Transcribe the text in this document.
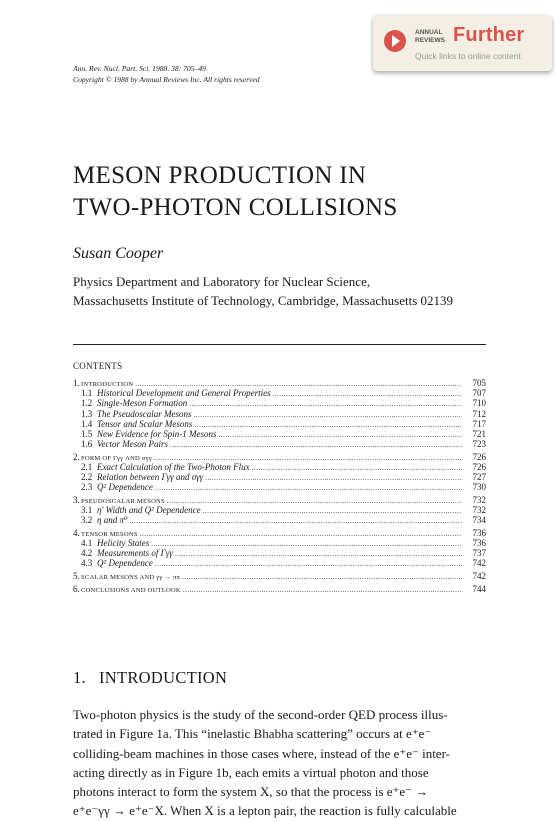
Ann. Rev. Nucl. Part. Sci. 1988. 38: 705–49
Copyright © 1988 by Annual Reviews Inc. All rights reserved
ANNUAL REVIEWS Further
Quick links to online content
MESON PRODUCTION IN
TWO-PHOTON COLLISIONS
Susan Cooper
Physics Department and Laboratory for Nuclear Science,
Massachusetts Institute of Technology, Cambridge, Massachusetts 02139
CONTENTS
1. INTRODUCTION .....	705
1.1 Historical Development and General Properties .....	707
1.2 Single-Meson Formation .....	710
1.3 The Pseudoscalar Mesons .....	712
1.4 Tensor and Scalar Mesons .....	717
1.5 New Evidence for Spin-1 Mesons .....	721
1.6 Vector Meson Pairs .....	723
2. FORM OF Γγγ AND σγγ .....	726
2.1 Exact Calculation of the Two-Photon Flux .....	726
2.2 Relation between Γγγ and σγγ .....	727
2.3 Q² Dependence .....	730
3. PSEUDOSCALAR MESONS .....	732
3.1 η′ Width and Q² Dependence .....	732
3.2 η and π⁰ .....	734
4. TENSOR MESONS .....	736
4.1 Helicity States .....	736
4.2 Measurements of Γγγ .....	737
4.3 Q² Dependence .....	742
5. SCALAR MESONS AND γγ → ππ .....	742
6. CONCLUSIONS AND OUTLOOK .....	744
1. INTRODUCTION
Two-photon physics is the study of the second-order QED process illus-
trated in Figure 1a. This “inelastic Bhabha scattering” occurs at e⁺e⁻
colliding-beam machines in those cases where, instead of the e⁺e⁻ inter-
acting directly as in Figure 1b, each emits a virtual photon and those
photons interact to form the system X, so that the process is e⁺e⁻ →
e⁺e⁻γγ → e⁺e⁻X. When X is a lepton pair, the reaction is fully calculable
